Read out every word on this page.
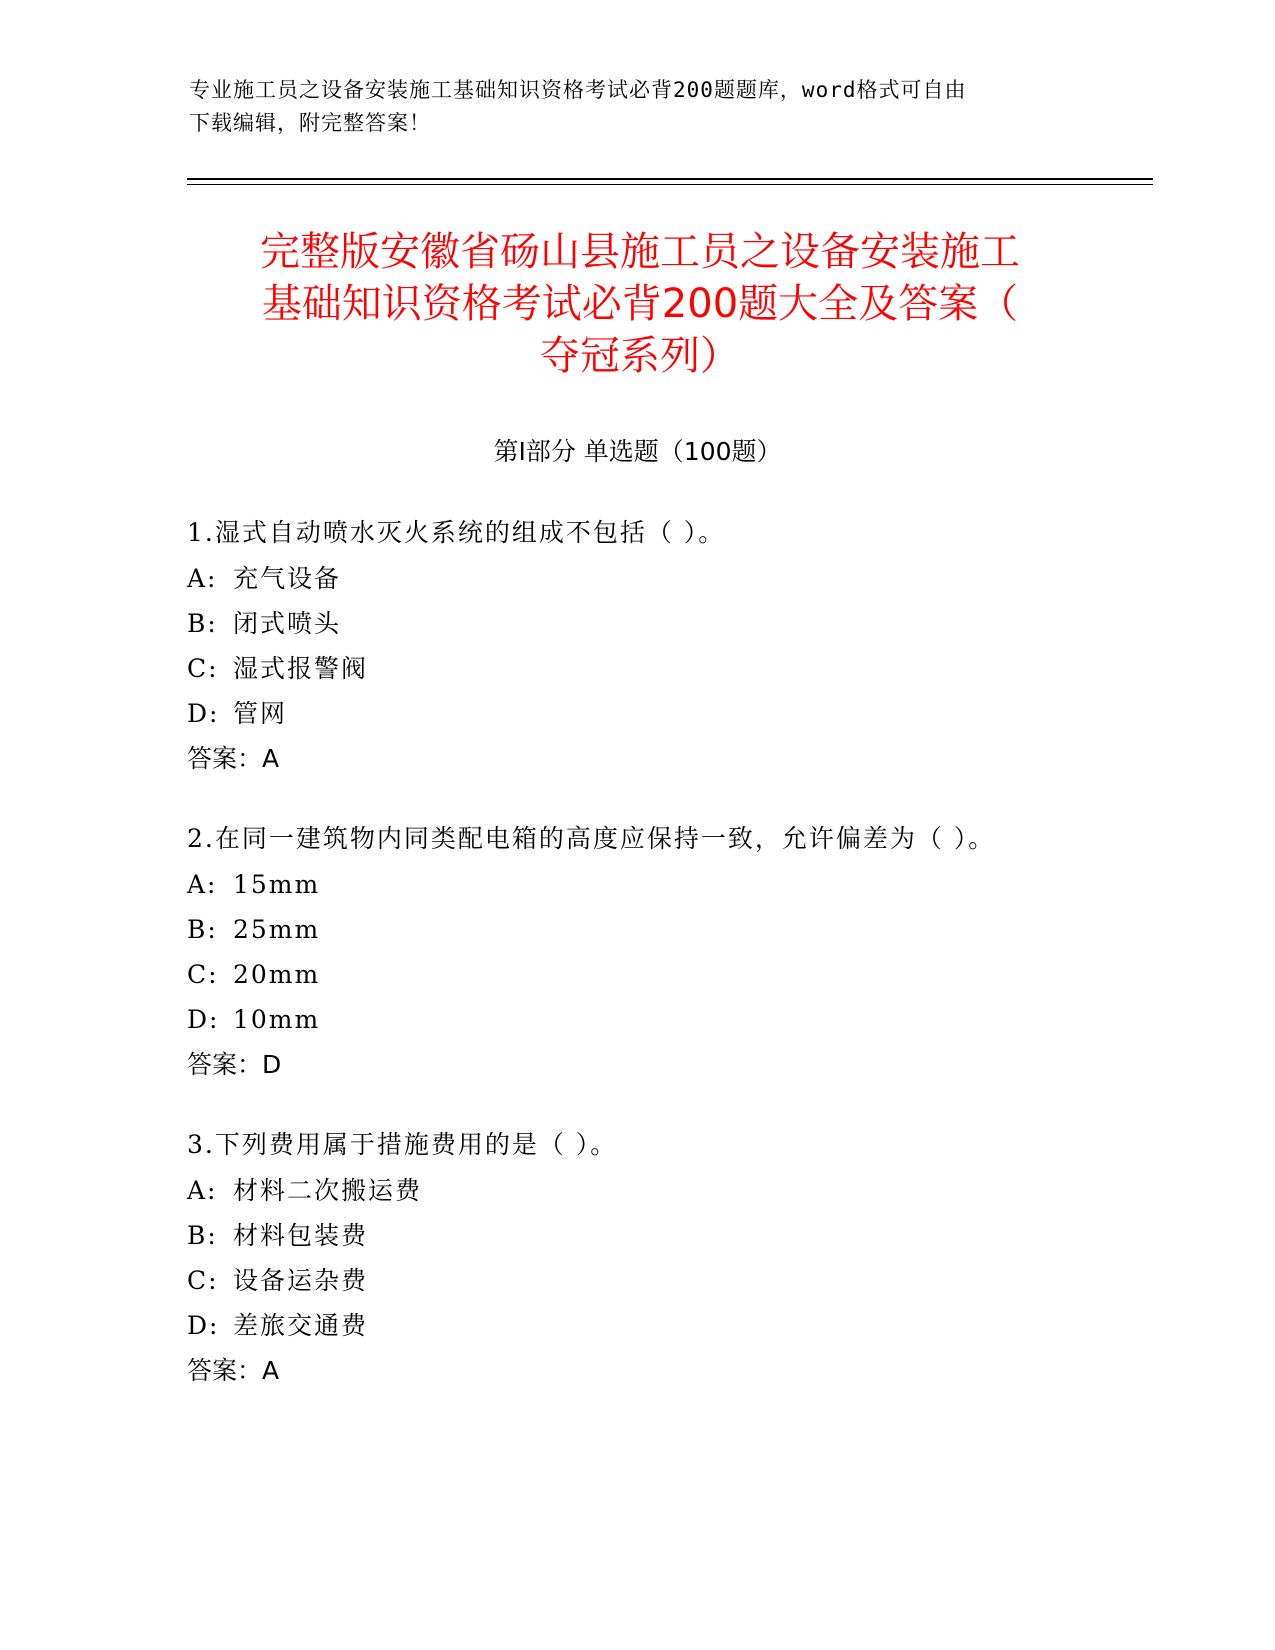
专业施工员之设备安装施工基础知识资格考试必背200题题库，word格式可自由
下载编辑，附完整答案！
完整版安徽省砀山县施工员之设备安装施工
基础知识资格考试必背200题大全及答案（
夺冠系列）
第Ⅰ部分 单选题（100题）
1.湿式自动喷水灭火系统的组成不包括（ ）。
A: 充气设备
B: 闭式喷头
C: 湿式报警阀
D: 管网
答案：A
2.在同一建筑物内同类配电箱的高度应保持一致，允许偏差为（ ）。
A: 15mm
B: 25mm
C: 20mm
D: 10mm
答案：D
3.下列费用属于措施费用的是（ ）。
A: 材料二次搬运费
B: 材料包装费
C: 设备运杂费
D: 差旅交通费
答案：A
